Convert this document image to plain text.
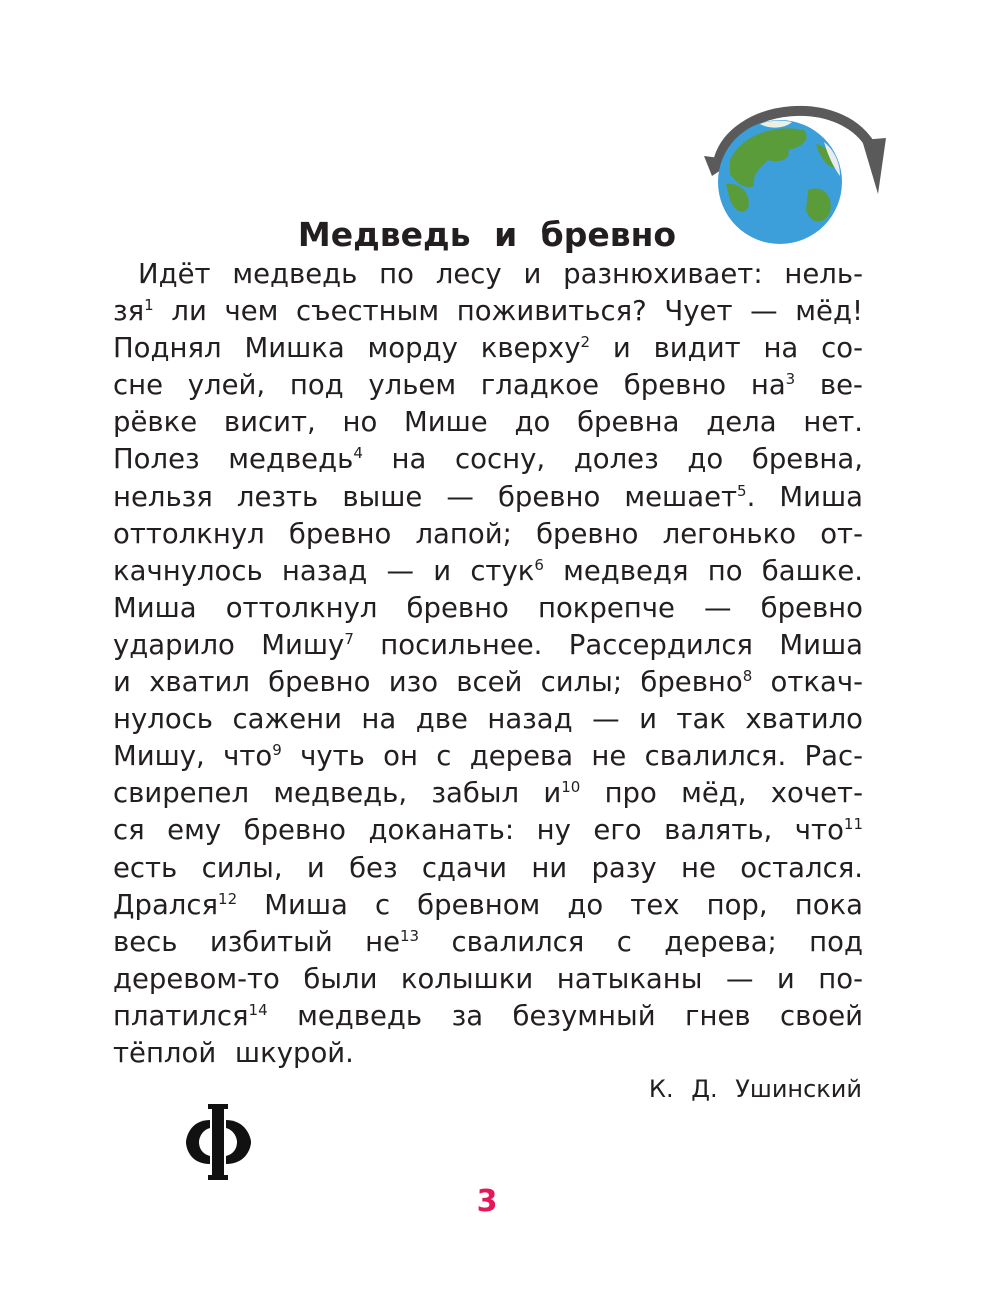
Медведь и бревно
Идёт медведь по лесу и разнюхивает: нель-
$зя^1$ ли чем съестным поживиться? Чует — мёд!
Поднял Мишка морду кверху$^2$ и видит на со-
сне улей, под ульем гладкое бревно $на^3$ ве-
рёвке висит, но Мише до бревна дела нет.
Полез медведь$^4$ на сосну, долез до бревна,
нельзя лезть выше — бревно мешает$^5$. Миша
оттолкнул бревно лапой; бревно легонько от-
качнулось назад — и стук$^6$ медведя по башке.
Миша оттолкнул бревно покрепче — бревно
ударило Мишу$^7$ посильнее. Рассердился Миша
и хватил бревно изо всей силы; бревно$^8$ откач-
нулось сажени на две назад — и так хватило
Мишу, что$^9$ чуть он с дерева не свалился. Рас-
свирепел медведь, забыл $и^{10}$ про мёд, хочет-
ся ему бревно доканать: ну его валять, что$^{11}$
есть силы, и без сдачи ни разу не остался.
Дрался$^{12}$ Миша с бревном до тех пор, пока
весь избитый $не^{13}$ свалился с дерева; под
деревом-то были колышки натыканы — и по-
платился$^{14}$ медведь за безумный гнев своей
тёплой шкурой.

К. Д. Ушинский

3
